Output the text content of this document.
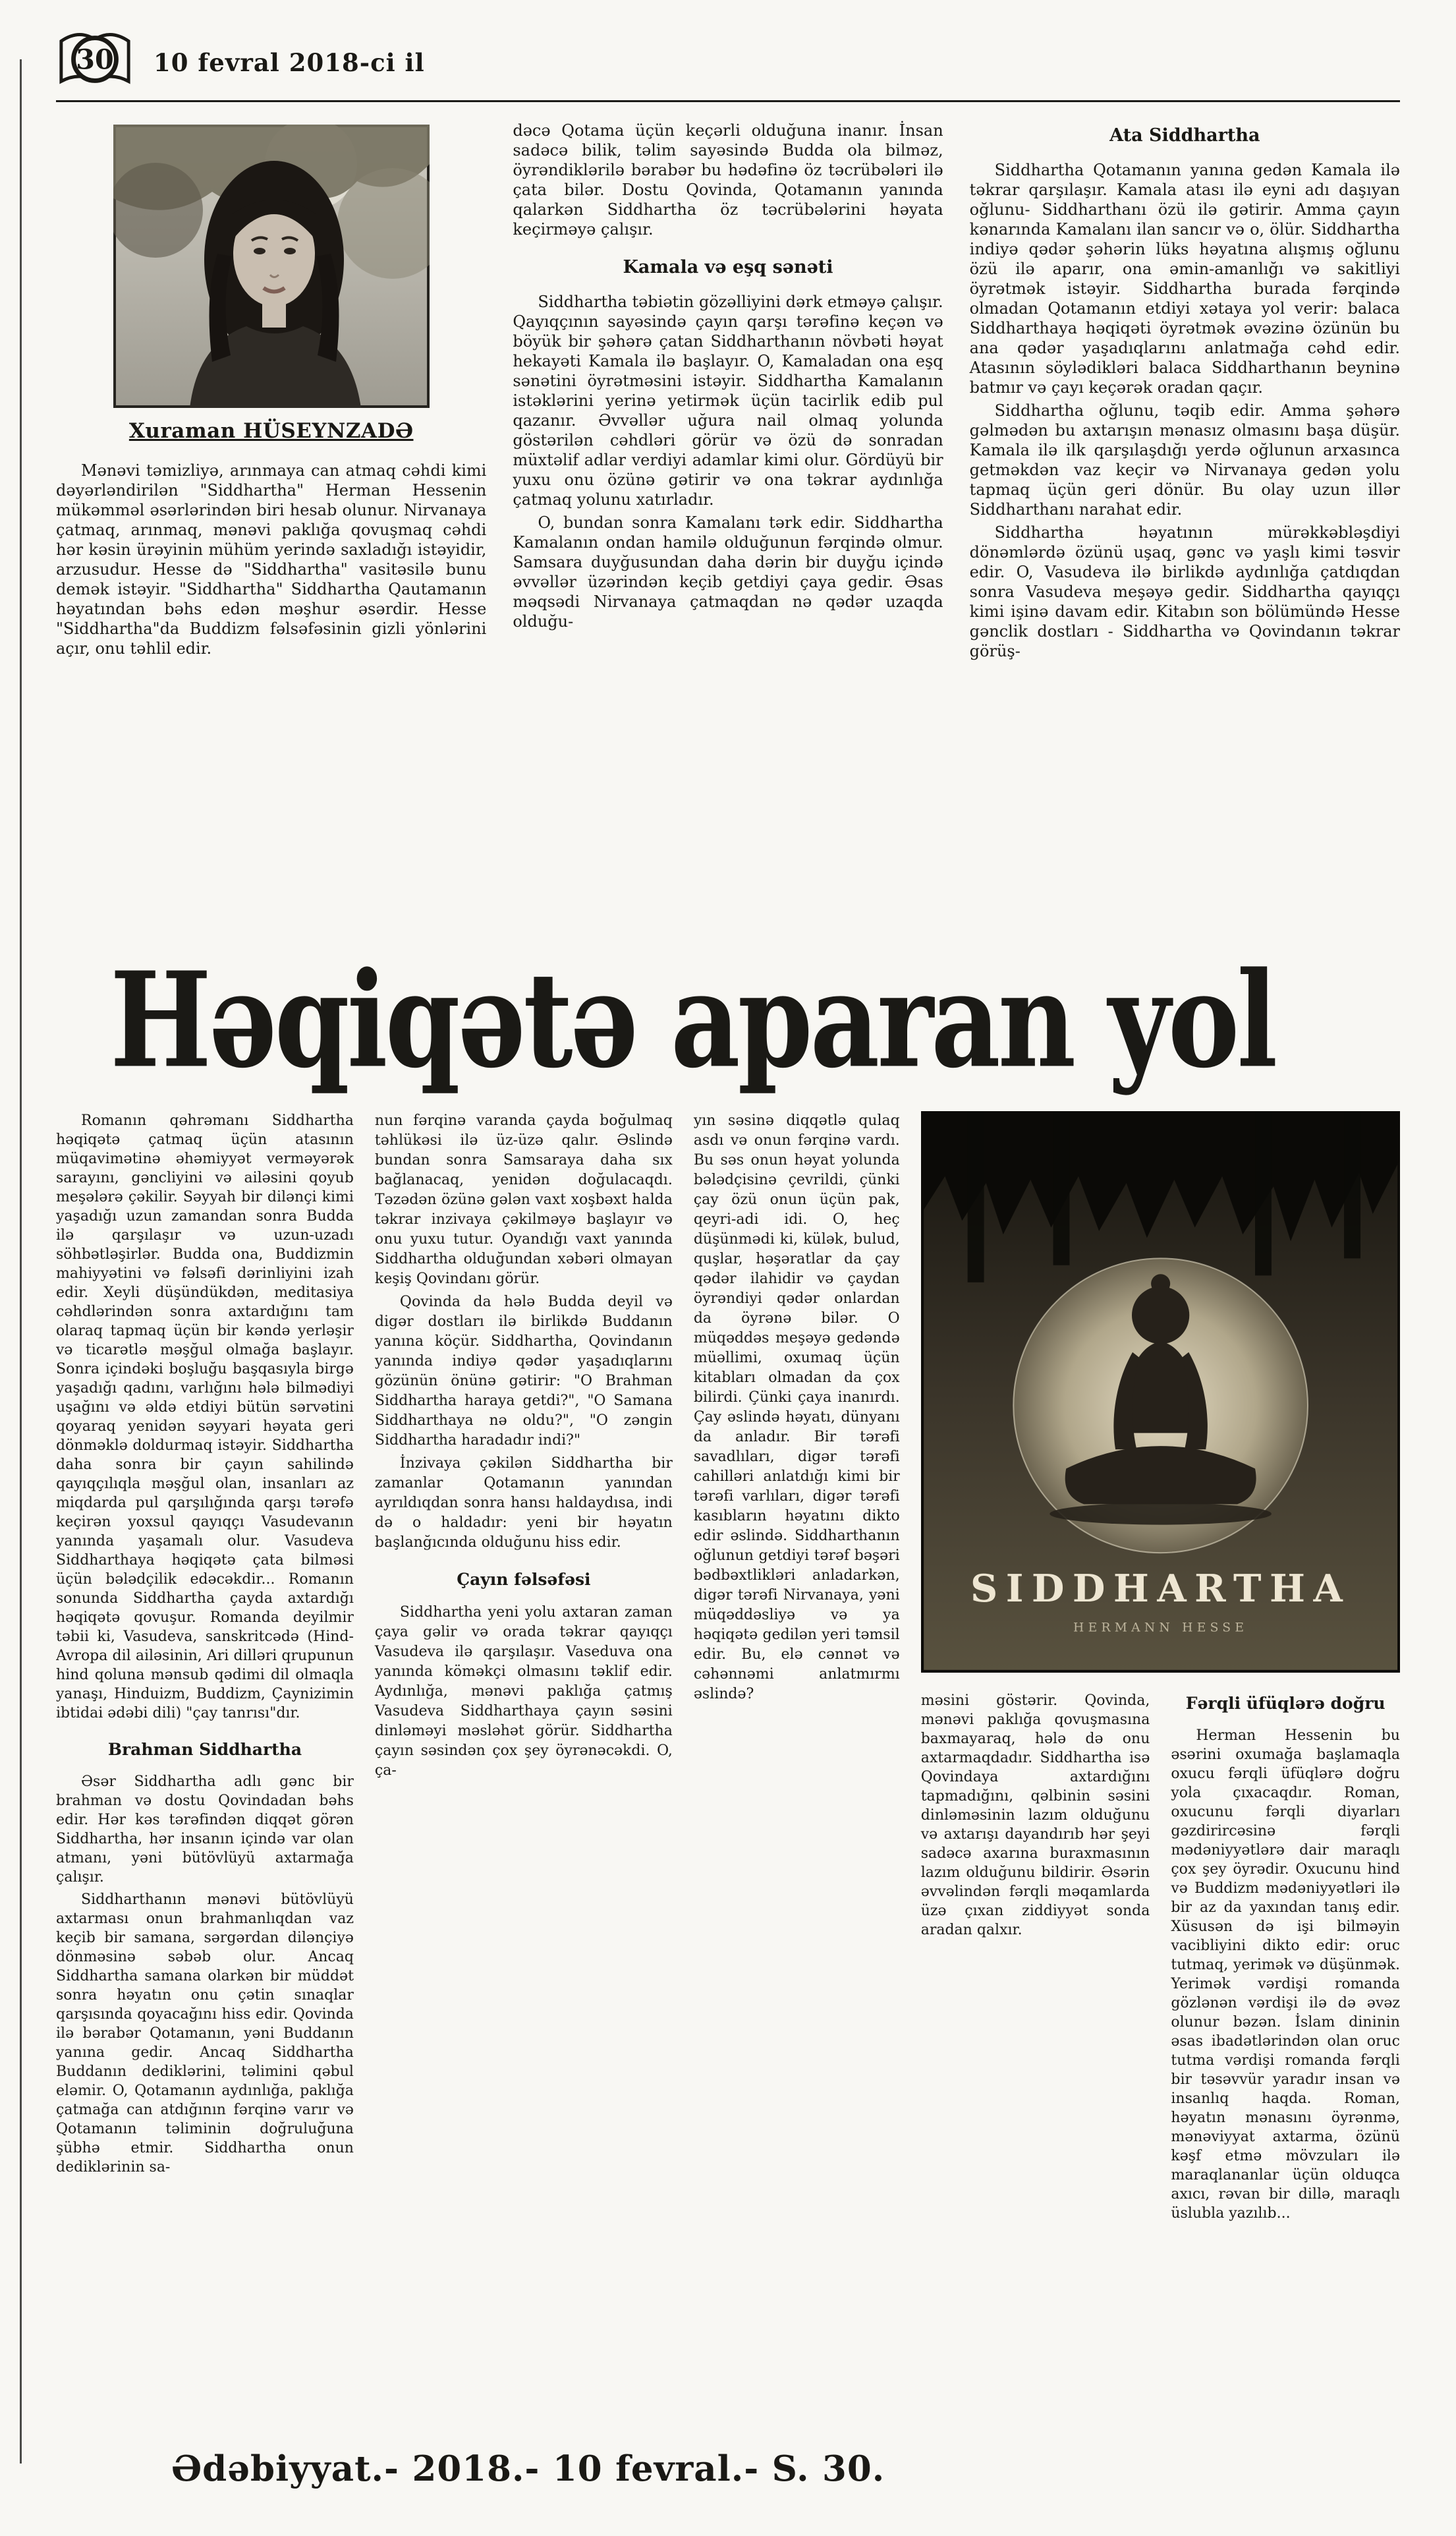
30 10 fevral 2018-ci il
Xuraman HÜSEYNZADƏ

Mənəvi təmizliyə, arınmaya can atmaq cəhdi kimi dəyərləndirilən "Siddhartha" Herman Hessenin mükəmməl əsərlərindən biri hesab olunur. Nirvanaya çatmaq, arınmaq, mənəvi paklığa qovuşmaq cəhdi hər kəsin ürəyinin mühüm yerində saxladığı istəyidir, arzusudur. Hesse də "Siddhartha" vasitəsilə bunu demək istəyir. "Siddhartha" Siddhartha Qautamanın həyatından bəhs edən məşhur əsərdir. Hesse "Siddhartha"da Buddizm fəlsəfəsinin gizli yönlərini açır, onu təhlil edir.

dəcə Qotama üçün keçərli olduğuna inanır. İnsan sadəcə bilik, təlim sayəsində Budda ola bilməz, öyrəndiklərilə bərabər bu hədəfinə öz təcrübələri ilə çata bilər. Dostu Qovinda, Qotamanın yanında qalarkən Siddhartha öz təcrübələrini həyata keçirməyə çalışır.

Kamala və eşq sənəti

Siddhartha təbiətin gözəlliyini dərk etməyə çalışır. Qayıqçının sayəsində çayın qarşı tərəfinə keçən və böyük bir şəhərə çatan Siddharthanın növbəti həyat hekayəti Kamala ilə başlayır. O, Kamaladan ona eşq sənətini öyrətməsini istəyir. Siddhartha Kamalanın istəklərini yerinə yetirmək üçün tacirlik edib pul qazanır. Əvvəllər uğura nail olmaq yolunda göstərilən cəhdləri görür və özü də sonradan müxtəlif adlar verdiyi adamlar kimi olur. Gördüyü bir yuxu onu özünə gətirir və ona təkrar aydınlığa çatmaq yolunu xatırladır.

O, bundan sonra Kamalanı tərk edir. Siddhartha Kamalanın ondan hamilə olduğunun fərqində olmur. Samsara duyğusundan daha dərin bir duyğu içində əvvəllər üzərindən keçib getdiyi çaya gedir. Əsas məqsədi Nirvanaya çatmaqdan nə qədər uzaqda olduğu-

Ata Siddhartha

Siddhartha Qotamanın yanına gedən Kamala ilə təkrar qarşılaşır. Kamala atası ilə eyni adı daşıyan oğlunu- Siddharthanı özü ilə gətirir. Amma çayın kənarında Kamalanı ilan sancır və o, ölür. Siddhartha indiyə qədər şəhərin lüks həyatına alışmış oğlunu özü ilə aparır, ona əmin-amanlığı və sakitliyi öyrətmək istəyir. Siddhartha burada fərqində olmadan Qotamanın etdiyi xətaya yol verir: balaca Siddharthaya həqiqəti öyrətmək əvəzinə özünün bu ana qədər yaşadıqlarını anlatmağa cəhd edir. Atasının söylədikləri balaca Siddharthanın beyninə batmır və çayı keçərək oradan qaçır.

Siddhartha oğlunu, təqib edir. Amma şəhərə gəlmədən bu axtarışın mənasız olmasını başa düşür. Kamala ilə ilk qarşılaşdığı yerdə oğlunun arxasınca getməkdən vaz keçir və Nirvanaya gedən yolu tapmaq üçün geri dönür. Bu olay uzun illər Siddharthanı narahat edir.

Siddhartha həyatının mürəkkəbləşdiyi dönəmlərdə özünü uşaq, gənc və yaşlı kimi təsvir edir. O, Vasudeva ilə birlikdə aydınlığa çatdıqdan sonra Vasudeva meşəyə gedir. Siddhartha qayıqçı kimi işinə davam edir. Kitabın son bölümündə Hesse gənclik dostları - Siddhartha və Qovindanın təkrar görüş-

Həqiqətə aparan yol

Romanın qəhrəmanı Siddhartha həqiqətə çatmaq üçün atasının müqavimətinə əhəmiyyət verməyərək sarayını, gəncliyini və ailəsini qoyub meşələrə çəkilir. Səyyah bir dilənçi kimi yaşadığı uzun zamandan sonra Budda ilə qarşılaşır və uzun-uzadı söhbətləşirlər. Budda ona, Buddizmin mahiyyətini və fəlsəfi dərinliyini izah edir. Xeyli düşündükdən, meditasiya cəhdlərindən sonra axtardığını tam olaraq tapmaq üçün bir kəndə yerləşir və ticarətlə məşğul olmağa başlayır. Sonra içindəki boşluğu başqasıyla birgə yaşadığı qadını, varlığını hələ bilmədiyi uşağını və əldə etdiyi bütün sərvətini qoyaraq yenidən səyyari həyata geri dönməklə doldurmaq istəyir. Siddhartha daha sonra bir çayın sahilində qayıqçılıqla məşğul olan, insanları az miqdarda pul qarşılığında qarşı tərəfə keçirən yoxsul qayıqçı Vasudevanın yanında yaşamalı olur. Vasudeva Siddharthaya həqiqətə çata bilməsi üçün bələdçilik edəcəkdir... Romanın sonunda Siddhartha çayda axtardığı həqiqətə qovuşur. Romanda deyilmir təbii ki, Vasudeva, sanskritcədə (Hind-Avropa dil ailəsinin, Ari dilləri qrupunun hind qoluna mənsub qədimi dil olmaqla yanaşı, Hinduizm, Buddizm, Çaynizimin ibtidai ədəbi dili) "çay tanrısı"dır.

Brahman Siddhartha

Əsər Siddhartha adlı gənc bir brahman və dostu Qovindadan bəhs edir. Hər kəs tərəfindən diqqət görən Siddhartha, hər insanın içində var olan atmanı, yəni bütövlüyü axtarmağa çalışır.

Siddharthanın mənəvi bütövlüyü axtarması onun brahmanlıqdan vaz keçib bir samana, sərgərdan dilənçiyə dönməsinə səbəb olur. Ancaq Siddhartha samana olarkən bir müddət sonra həyatın onu çətin sınaqlar qarşısında qoyacağını hiss edir. Qovinda ilə bərabər Qotamanın, yəni Buddanın yanına gedir. Ancaq Siddhartha Buddanın dediklərini, təlimini qəbul eləmir. O, Qotamanın aydınlığa, paklığa çatmağa can atdığının fərqinə varır və Qotamanın təliminin doğruluğuna şübhə etmir. Siddhartha onun dediklərinin sa-

nun fərqinə varanda çayda boğulmaq təhlükəsi ilə üz-üzə qalır. Əslində bundan sonra Samsaraya daha sıx bağlanacaq, yenidən doğulacaqdı. Təzədən özünə gələn vaxt xoşbəxt halda təkrar inzivaya çəkilməyə başlayır və onu yuxu tutur. Oyandığı vaxt yanında Siddhartha olduğundan xəbəri olmayan keşiş Qovindanı görür.

Qovinda da hələ Budda deyil və digər dostları ilə birlikdə Buddanın yanına köçür. Siddhartha, Qovindanın yanında indiyə qədər yaşadıqlarını gözünün önünə gətirir: "O Brahman Siddhartha haraya getdi?", "O Samana Siddharthaya nə oldu?", "O zəngin Siddhartha haradadır indi?"

İnzivaya çəkilən Siddhartha bir zamanlar Qotamanın yanından ayrıldıqdan sonra hansı haldaydısa, indi də o haldadır: yeni bir həyatın başlanğıcında olduğunu hiss edir.

Çayın fəlsəfəsi

Siddhartha yeni yolu axtaran zaman çaya gəlir və orada təkrar qayıqçı Vasudeva ilə qarşılaşır. Vaseduva ona yanında köməkçi olmasını təklif edir. Aydınlığa, mənəvi paklığa çatmış Vasudeva Siddharthaya çayın səsini dinləməyi məsləhət görür. Siddhartha çayın səsindən çox şey öyrənəcəkdi. O, ça-

yın səsinə diqqətlə qulaq asdı və onun fərqinə vardı. Bu səs onun həyat yolunda bələdçisinə çevrildi, çünki çay özü onun üçün pak, qeyri-adi idi. O, heç düşünmədi ki, külək, bulud, quşlar, həşəratlar da çay qədər ilahidir və çaydan öyrəndiyi qədər onlardan da öyrənə bilər. O müqəddəs meşəyə gedəndə müəllimi, oxumaq üçün kitabları olmadan da çox bilirdi. Çünki çaya inanırdı. Çay əslində həyatı, dünyanı da anladır. Bir tərəfi savadlıları, digər tərəfi cahilləri anlatdığı kimi bir tərəfi varlıları, digər tərəfi kasıbların həyatını dikto edir əslində. Siddharthanın oğlunun getdiyi tərəf bəşəri bədbəxtlikləri anladarkən, digər tərəfi Nirvanaya, yəni müqəddəsliyə və ya həqiqətə gedilən yeri təmsil edir. Bu, elə cənnət və cəhənnəmi anlatmırmı əslində?

SIDDHARTHA
HERMANN HESSE

məsini göstərir. Qovinda, mənəvi paklığa qovuşmasına baxmayaraq, hələ də onu axtarmaqdadır. Siddhartha isə Qovindaya axtardığını tapmadığını, qəlbinin səsini dinləməsinin lazım olduğunu və axtarışı dayandırıb hər şeyi sadəcə axarına buraxmasının lazım olduğunu bildirir. Əsərin əvvəlindən fərqli məqamlarda üzə çıxan ziddiyyət sonda aradan qalxır.

Fərqli üfüqlərə doğru

Herman Hessenin bu əsərini oxumağa başlamaqla oxucu fərqli üfüqlərə doğru yola çıxacaqdır. Roman, oxucunu fərqli diyarları gəzdirircəsinə fərqli mədəniyyətlərə dair maraqlı çox şey öyrədir. Oxucunu hind və Buddizm mədəniyyətləri ilə bir az da yaxından tanış edir. Xüsusən də işi bilməyin vacibliyini dikto edir: oruc tutmaq, yerimək və düşünmək. Yerimək vərdişi romanda gözlənən vərdişi ilə də əvəz olunur bəzən. İslam dininin əsas ibadətlərindən olan oruc tutma vərdişi romanda fərqli bir təsəvvür yaradır insan və insanlıq haqda. Roman, həyatın mənasını öyrənmə, mənəviyyat axtarma, özünü kəşf etmə mövzuları ilə maraqlananlar üçün olduqca axıcı, rəvan bir dillə, maraqlı üslubla yazılıb...

Ədəbiyyat.- 2018.- 10 fevral.- S. 30.
